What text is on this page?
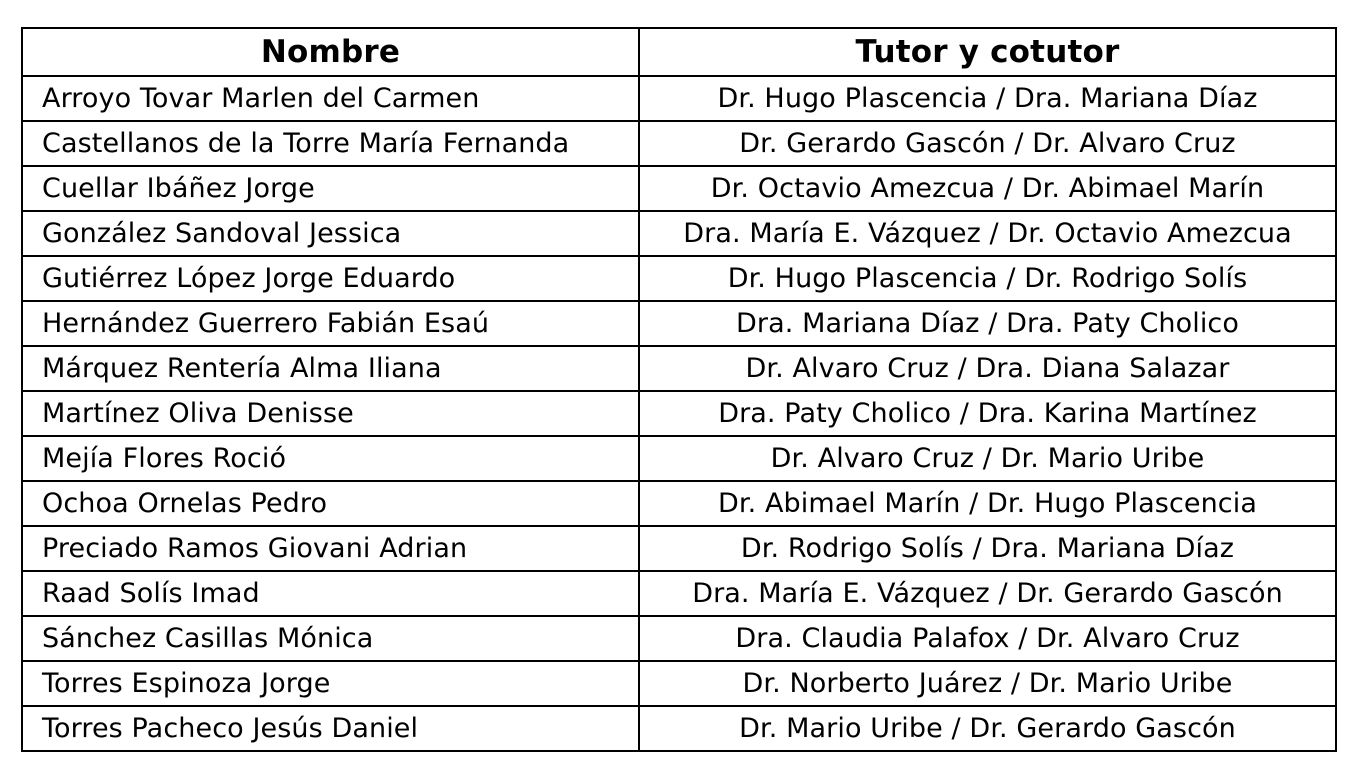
Nombre	Tutor y cotutor
Arroyo Tovar Marlen del Carmen	Dr. Hugo Plascencia / Dra. Mariana Díaz
Castellanos de la Torre María Fernanda	Dr. Gerardo Gascón / Dr. Alvaro Cruz
Cuellar Ibáñez Jorge	Dr. Octavio Amezcua / Dr. Abimael Marín
González Sandoval Jessica	Dra. María E. Vázquez / Dr. Octavio Amezcua
Gutiérrez López Jorge Eduardo	Dr. Hugo Plascencia / Dr. Rodrigo Solís
Hernández Guerrero Fabián Esaú	Dra. Mariana Díaz / Dra. Paty Cholico
Márquez Rentería Alma Iliana	Dr. Alvaro Cruz / Dra. Diana Salazar
Martínez Oliva Denisse	Dra. Paty Cholico / Dra. Karina Martínez
Mejía Flores Roció	Dr. Alvaro Cruz / Dr. Mario Uribe
Ochoa Ornelas Pedro	Dr. Abimael Marín / Dr. Hugo Plascencia
Preciado Ramos Giovani Adrian	Dr. Rodrigo Solís / Dra. Mariana Díaz
Raad Solís Imad	Dra. María E. Vázquez / Dr. Gerardo Gascón
Sánchez Casillas Mónica	Dra. Claudia Palafox / Dr. Alvaro Cruz
Torres Espinoza Jorge	Dr. Norberto Juárez / Dr. Mario Uribe
Torres Pacheco Jesús Daniel	Dr. Mario Uribe / Dr. Gerardo Gascón
